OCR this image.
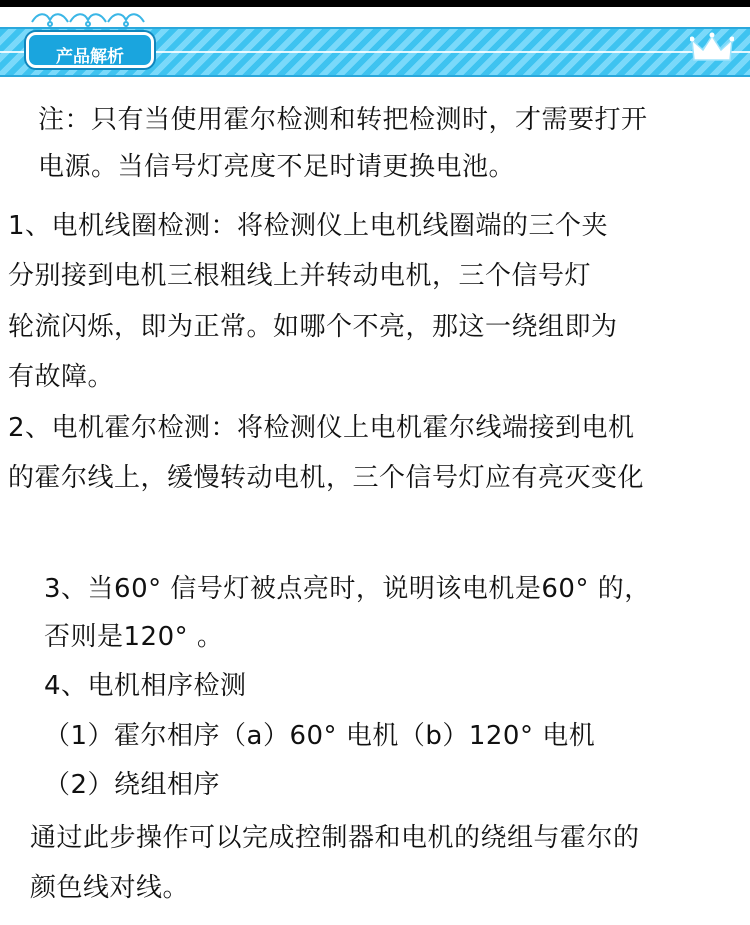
产品解析

注：只有当使用霍尔检测和转把检测时，才需要打开

电源。当信号灯亮度不足时请更换电池。

1、电机线圈检测：将检测仪上电机线圈端的三个夹

分别接到电机三根粗线上并转动电机，三个信号灯

轮流闪烁，即为正常。如哪个不亮，那这一绕组即为

有故障。

2、电机霍尔检测：将检测仪上电机霍尔线端接到电机

的霍尔线上，缓慢转动电机，三个信号灯应有亮灭变化

3、当60° 信号灯被点亮时，说明该电机是60° 的，

否则是120° 。

4、电机相序检测

（1）霍尔相序（a）60° 电机（b）120° 电机

（2）绕组相序

通过此步操作可以完成控制器和电机的绕组与霍尔的

颜色线对线。
